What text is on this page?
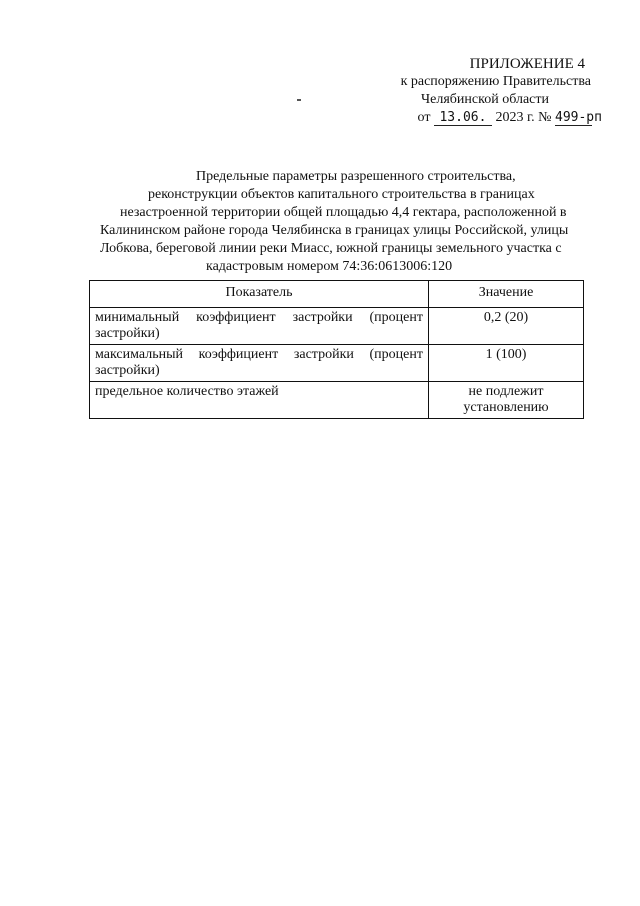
ПРИЛОЖЕНИЕ 4
к распоряжению Правительства
Челябинской области
от 13.06. 2023 г. № 499-рп
Предельные параметры разрешенного строительства,
реконструкции объектов капитального строительства в границах
незастроенной территории общей площадью 4,4 гектара, расположенной в
Калининском районе города Челябинска в границах улицы Российской, улицы
Лобкова, береговой линии реки Миасс, южной границы земельного участка с
кадастровым номером 74:36:0613006:120
Показатель	Значение
минимальный коэффициент застройки (процент застройки)	0,2 (20)
максимальный коэффициент застройки (процент застройки)	1 (100)
предельное количество этажей	не подлежит установлению
